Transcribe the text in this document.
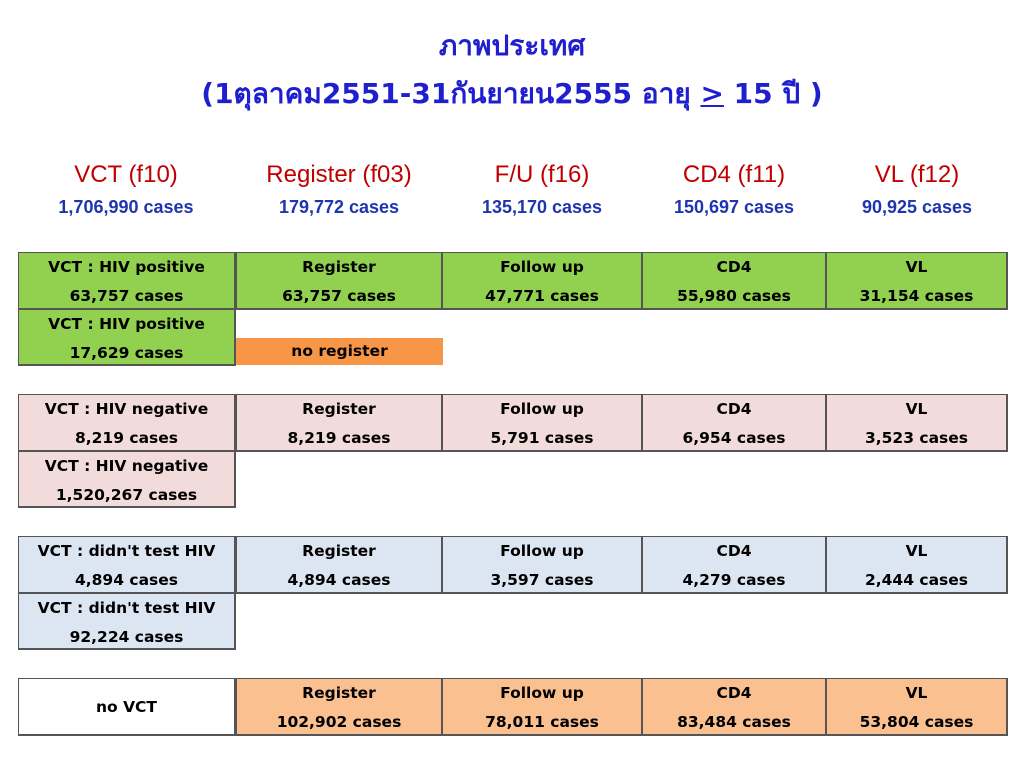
ภาพประเทศ
(1ตุลาคม2551-31กันยายน2555 อายุ ≥ 15 ปี )
VCT (f10)
1,706,990 cases
Register (f03)
179,772 cases
F/U (f16)
135,170 cases
CD4 (f11)
150,697 cases
VL (f12)
90,925 cases
VCT : HIV positive
63,757 cases
Register
63,757 cases
Follow up
47,771 cases
CD4
55,980 cases
VL
31,154 cases
VCT : HIV positive
17,629 cases	no register
VCT : HIV negative
8,219 cases
Register
8,219 cases
Follow up
5,791 cases
CD4
6,954 cases
VL
3,523 cases
VCT : HIV negative
1,520,267 cases
VCT : didn't test HIV
4,894 cases
Register
4,894 cases
Follow up
3,597 cases
CD4
4,279 cases
VL
2,444 cases
VCT : didn't test HIV
92,224 cases
no VCT
Register
102,902 cases
Follow up
78,011 cases
CD4
83,484 cases
VL
53,804 cases
